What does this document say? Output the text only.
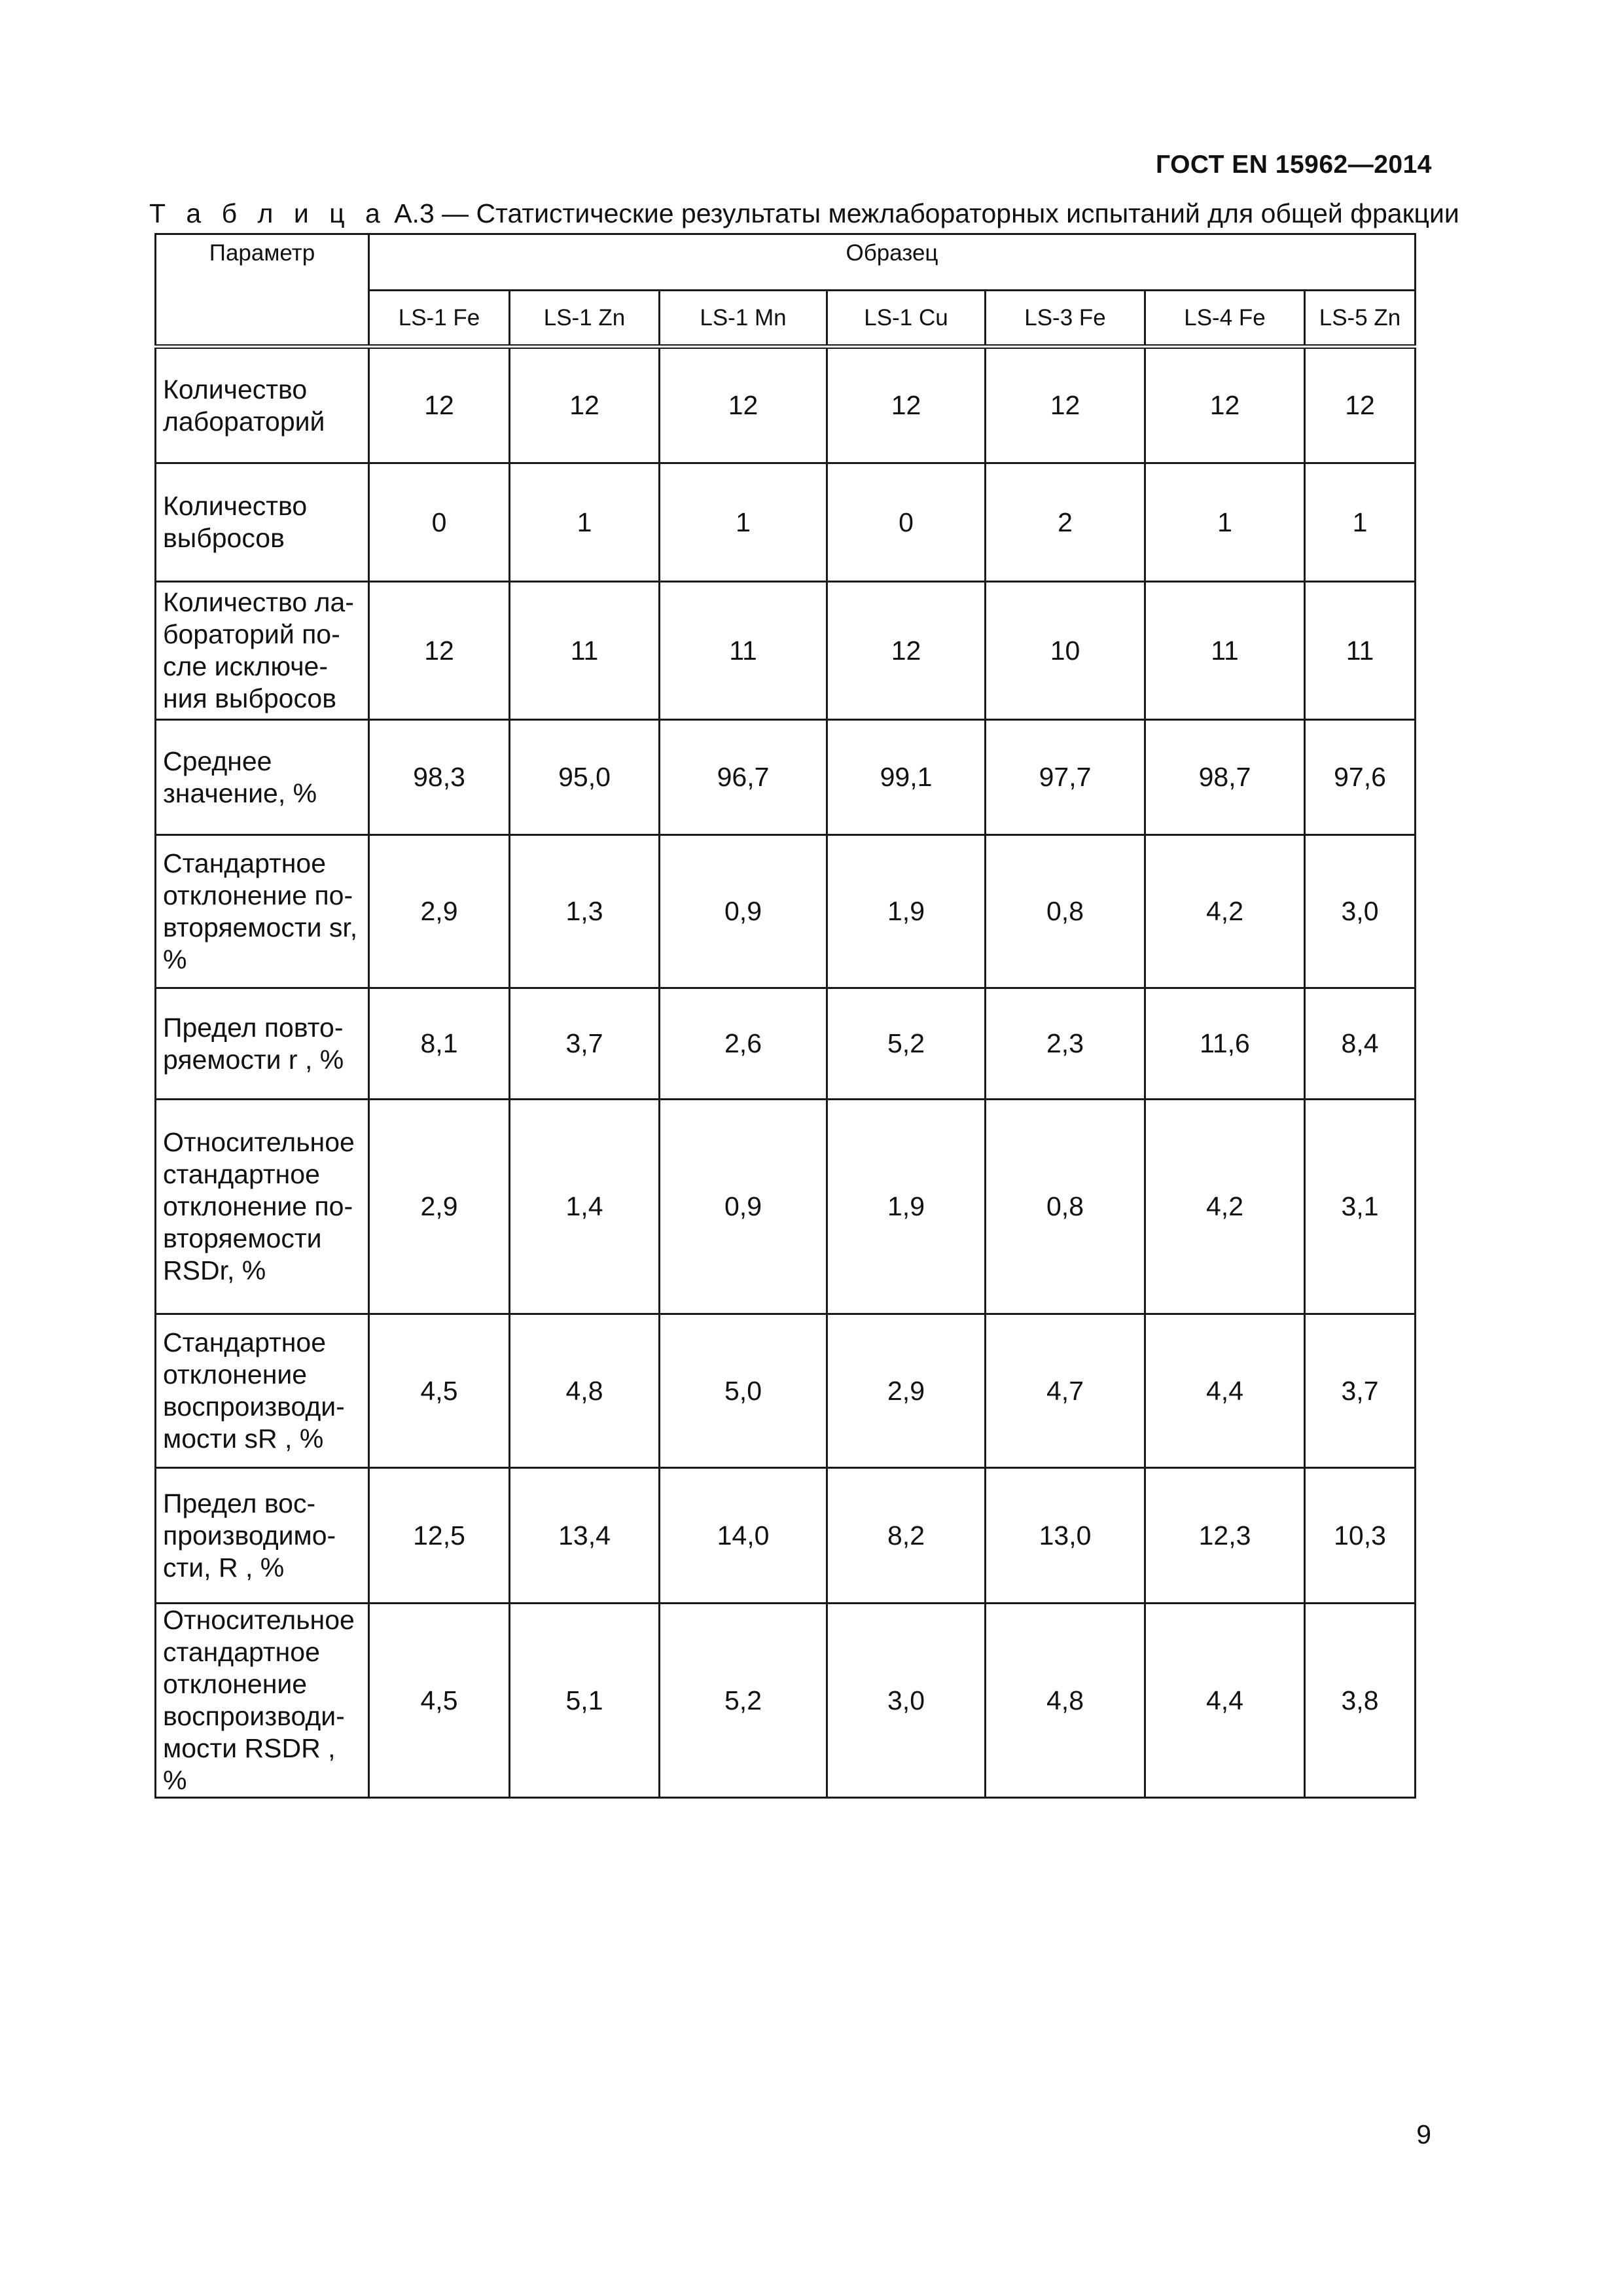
ГОСТ EN 15962—2014
Т а б л и ц а А.3 — Статистические результаты межлабораторных испытаний для общей фракции
Параметр	Образец						
	LS-1 Fe	LS-1 Zn	LS-1 Mn	LS-1 Cu	LS-3 Fe	LS-4 Fe	LS-5 Zn

Количество
лабораторий	12	12	12	12	12	12	12

Количество
выбросов	0	1	1	0	2	1	1

Количество ла-
бораторий по-
сле исключе-
ния выбросов	12	11	11	12	10	11	11

Среднее
значение, %	98,3	95,0	96,7	99,1	97,7	98,7	97,6

Стандартное
отклонение по-
вторяемости sr,
%	2,9	1,3	0,9	1,9	0,8	4,2	3,0

Предел повто-
ряемости r , %	8,1	3,7	2,6	5,2	2,3	11,6	8,4

Относительное
стандартное
отклонение по-
вторяемости
RSDr, %	2,9	1,4	0,9	1,9	0,8	4,2	3,1

Стандартное
отклонение
воспроизводи-
мости sR , %	4,5	4,8	5,0	2,9	4,7	4,4	3,7

Предел вос-
производимо-
сти, R , %	12,5	13,4	14,0	8,2	13,0	12,3	10,3

Относительное
стандартное
отклонение
воспроизводи-
мости RSDR , %	4,5	5,1	5,2	3,0	4,8	4,4	3,8
9
